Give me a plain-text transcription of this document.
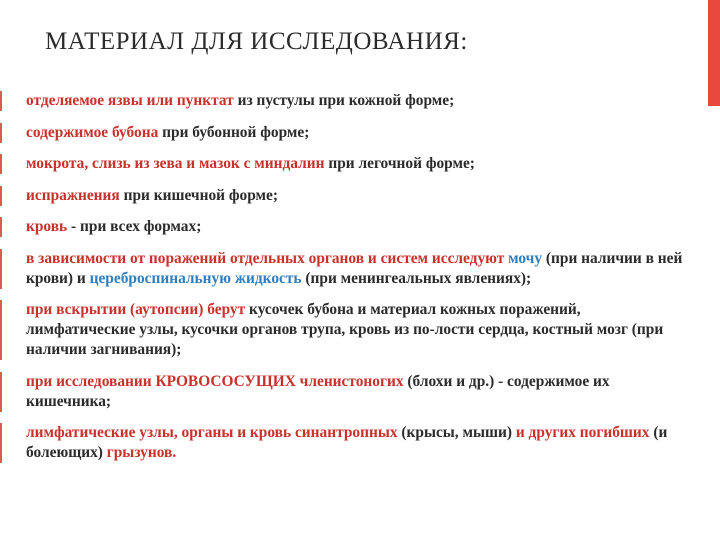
МАТЕРИАЛ ДЛЯ ИССЛЕДОВАНИЯ:
отделяемое язвы или пунктат из пустулы при кожной форме;
содержимое бубона при бубонной форме;
мокрота, слизь из зева и мазок с миндалин при легочной форме;
испражнения при кишечной форме;
кровь - при всех формах;
в зависимости от поражений отдельных органов и систем исследуют мочу (при наличии в ней крови) и цереброспинальную жидкость (при менингеальных явлениях);
при вскрытии (аутопсии) берут кусочек бубона и материал кожных поражений, лимфатические узлы, кусочки органов трупа, кровь из по-лости сердца, костный мозг (при наличии загнивания);
при исследовании КРОВОСОСУЩИХ членистоногих (блохи и др.) - содержимое их кишечника;
лимфатические узлы, органы и кровь синантропных (крысы, мыши) и других погибших (и болеющих) грызунов.
